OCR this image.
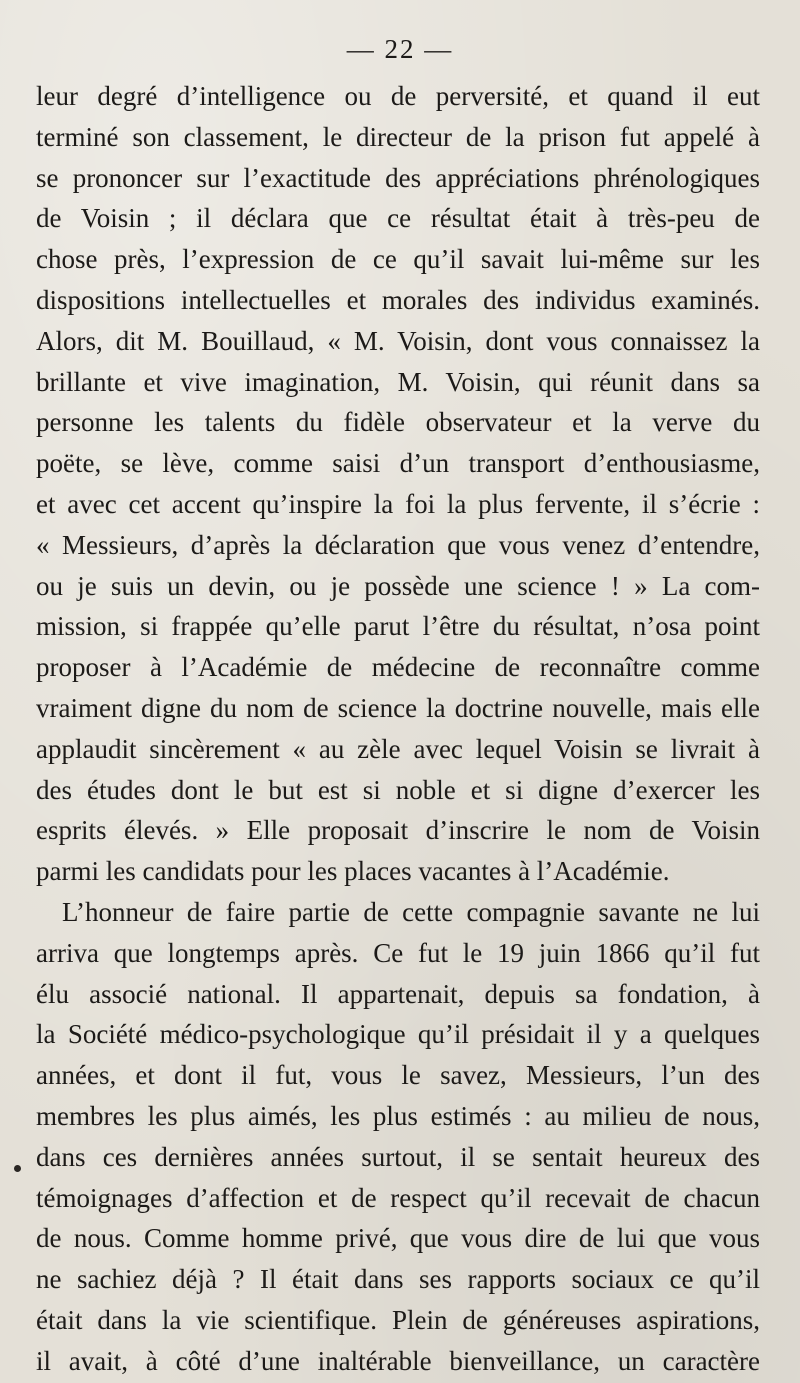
— 22 —
leur degré d’intelligence ou de perversité, et quand il eut
terminé son classement, le directeur de la prison fut appelé à
se prononcer sur l’exactitude des appréciations phrénologiques
de Voisin ; il déclara que ce résultat était à très-peu de
chose près, l’expression de ce qu’il savait lui-même sur les
dispositions intellectuelles et morales des individus examinés.
Alors, dit M. Bouillaud, « M. Voisin, dont vous connaissez la
brillante et vive imagination, M. Voisin, qui réunit dans sa
personne les talents du fidèle observateur et la verve du
poëte, se lève, comme saisi d’un transport d’enthousiasme,
et avec cet accent qu’inspire la foi la plus fervente, il s’écrie :
« Messieurs, d’après la déclaration que vous venez d’entendre,
ou je suis un devin, ou je possède une science ! » La com-
mission, si frappée qu’elle parut l’être du résultat, n’osa point
proposer à l’Académie de médecine de reconnaître comme
vraiment digne du nom de science la doctrine nouvelle, mais elle
applaudit sincèrement « au zèle avec lequel Voisin se livrait à
des études dont le but est si noble et si digne d’exercer les
esprits élevés. » Elle proposait d’inscrire le nom de Voisin
parmi les candidats pour les places vacantes à l’Académie.
L’honneur de faire partie de cette compagnie savante ne lui
arriva que longtemps après. Ce fut le 19 juin 1866 qu’il fut
élu associé national. Il appartenait, depuis sa fondation, à
la Société médico-psychologique qu’il présidait il y a quelques
années, et dont il fut, vous le savez, Messieurs, l’un des
membres les plus aimés, les plus estimés : au milieu de nous,
dans ces dernières années surtout, il se sentait heureux des
témoignages d’affection et de respect qu’il recevait de chacun
de nous. Comme homme privé, que vous dire de lui que vous
ne sachiez déjà ? Il était dans ses rapports sociaux ce qu’il
était dans la vie scientifique. Plein de généreuses aspirations,
il avait, à côté d’une inaltérable bienveillance, un caractère
